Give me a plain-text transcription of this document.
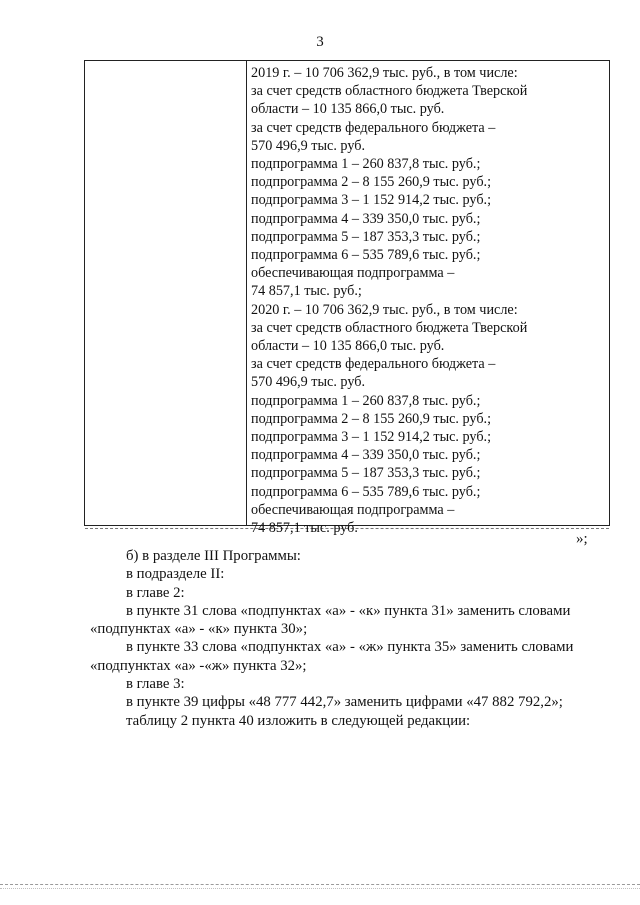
3
2019 г. – 10 706 362,9 тыс. руб., в том числе:
за счет средств областного бюджета Тверской
области – 10 135 866,0 тыс. руб.
за счет средств федерального бюджета –
570 496,9 тыс. руб.
подпрограмма 1 – 260 837,8 тыс. руб.;
подпрограмма 2 – 8 155 260,9 тыс. руб.;
подпрограмма 3 – 1 152 914,2 тыс. руб.;
подпрограмма 4 – 339 350,0 тыс. руб.;
подпрограмма 5 – 187 353,3 тыс. руб.;
подпрограмма 6 – 535 789,6 тыс. руб.;
обеспечивающая подпрограмма –
74 857,1 тыс. руб.;
2020 г. – 10 706 362,9 тыс. руб., в том числе:
за счет средств областного бюджета Тверской
области – 10 135 866,0 тыс. руб.
за счет средств федерального бюджета –
570 496,9 тыс. руб.
подпрограмма 1 – 260 837,8 тыс. руб.;
подпрограмма 2 – 8 155 260,9 тыс. руб.;
подпрограмма 3 – 1 152 914,2 тыс. руб.;
подпрограмма 4 – 339 350,0 тыс. руб.;
подпрограмма 5 – 187 353,3 тыс. руб.;
подпрограмма 6 – 535 789,6 тыс. руб.;
обеспечивающая подпрограмма –
74 857,1 тыс. руб.
»;
б) в разделе III Программы:
в подразделе II:
в главе 2:
в пункте 31 слова «подпунктах «а» - «к» пункта 31» заменить словами
«подпунктах «а» - «к» пункта 30»;
в пункте 33 слова «подпунктах «а» - «ж» пункта 35» заменить словами
«подпунктах «а» -«ж» пункта 32»;
в главе 3:
в пункте 39 цифры «48 777 442,7» заменить цифрами «47 882 792,2»;
таблицу 2 пункта 40 изложить в следующей редакции:
